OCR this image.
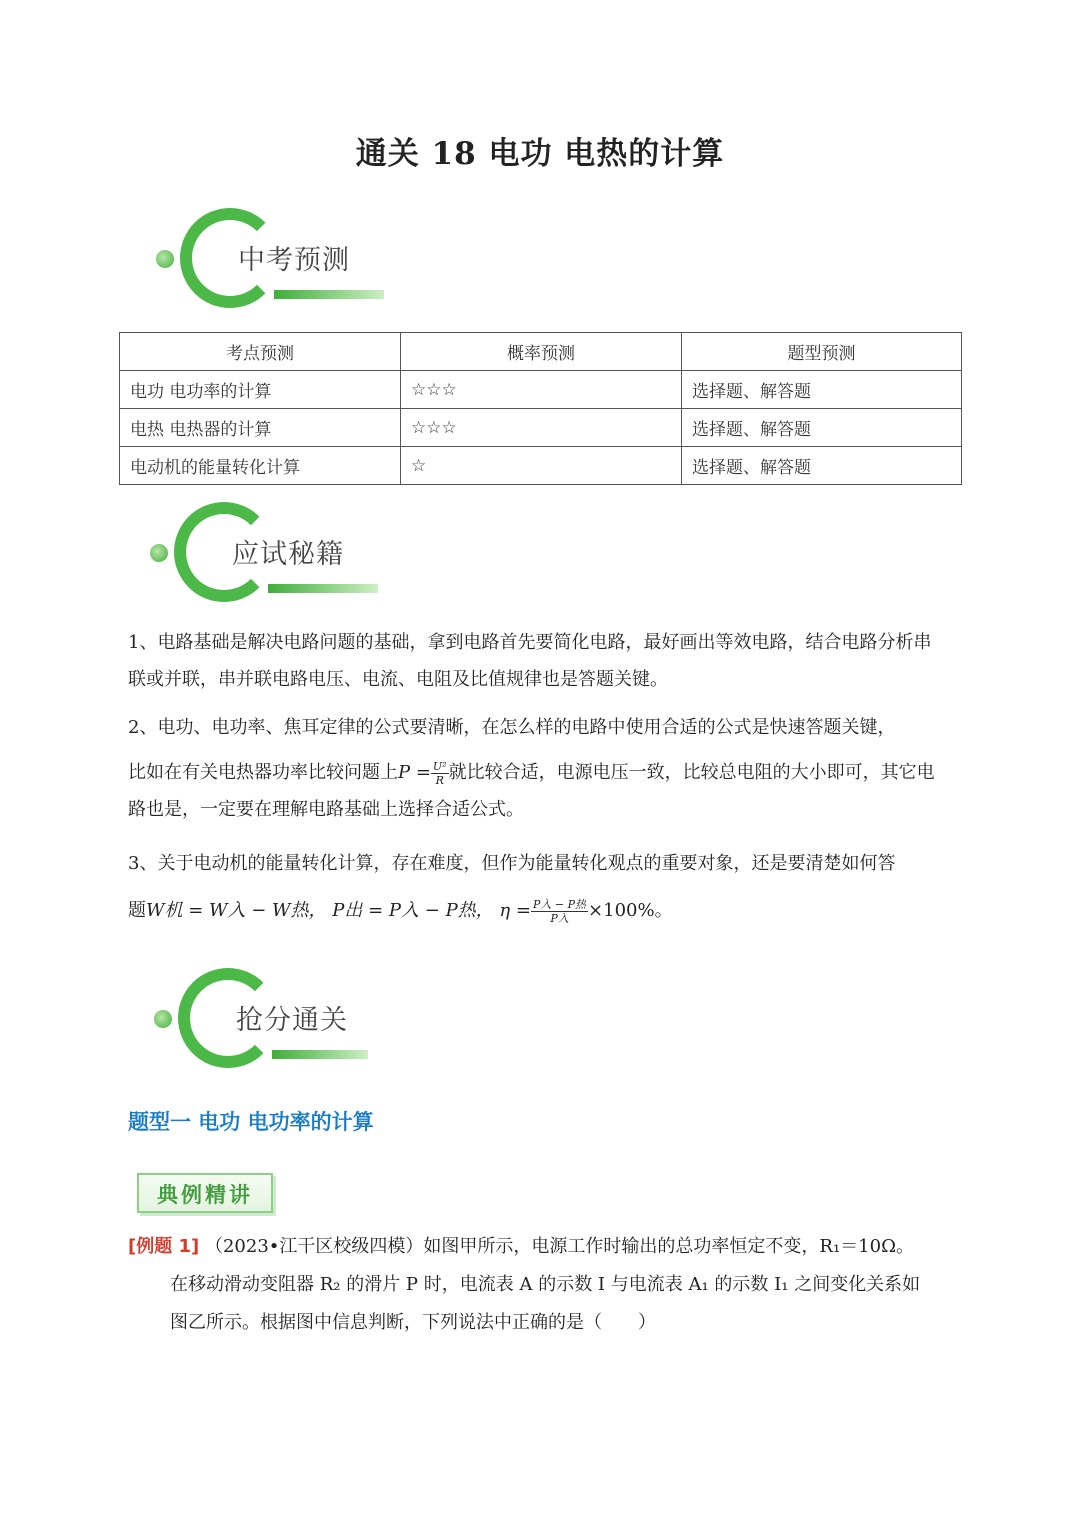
通关 18 电功 电热的计算
中考预测
考点预测	概率预测	题型预测
电功 电功率的计算	☆☆☆	选择题、解答题
电热 电热器的计算	☆☆☆	选择题、解答题
电动机的能量转化计算	☆	选择题、解答题
应试秘籍
1、电路基础是解决电路问题的基础，拿到电路首先要简化电路，最好画出等效电路，结合电路分析串联或并联，串并联电路电压、电流、电阻及比值规律也是答题关键。
2、电功、电功率、焦耳定律的公式要清晰，在怎么样的电路中使用合适的公式是快速答题关键，
比如在有关电热器功率比较问题上$P = \frac{\text{U²}}{R}$ 就比较合适，电源电压一致，比较总电阻的大小即可，其它电路也是，一定要在理解电路基础上选择合适公式。
3、关于电动机的能量转化计算，存在难度，但作为能量转化观点的重要对象，还是要清楚如何答
题W机 = W入 − W热， P出 = P入 − P热， $\eta = \frac{\text{P入 − P热}}{\text{P入}} \times 100\%$。
抢分通关
题型一 电功 电功率的计算
典例精讲
[例题 1] （2023•江干区校级四模）如图甲所示，电源工作时输出的总功率恒定不变，R₁＝10Ω。
在移动滑动变阻器 R₂ 的滑片 P 时，电流表 A 的示数 I 与电流表 A₁ 的示数 I₁ 之间变化关系如
图乙所示。根据图中信息判断，下列说法中正确的是（　　）
